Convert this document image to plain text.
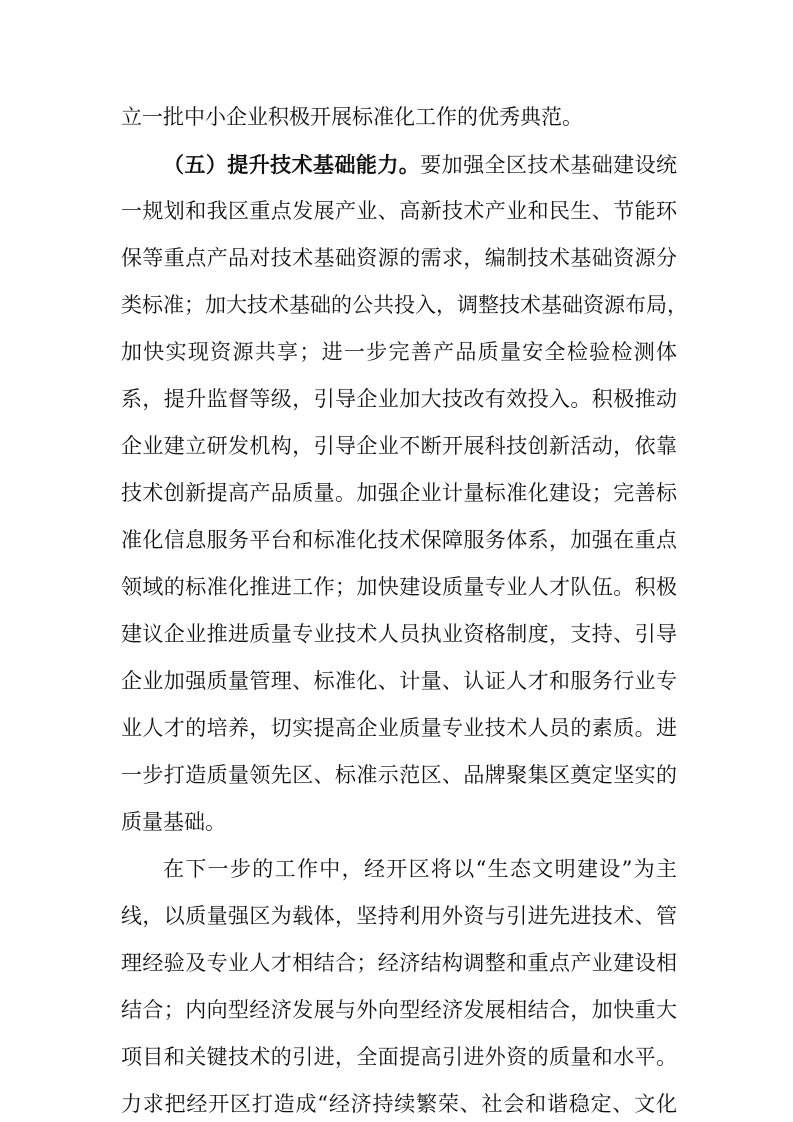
立一批中小企业积极开展标准化工作的优秀典范。
（五）提升技术基础能力。要加强全区技术基础建设统
一规划和我区重点发展产业、高新技术产业和民生、节能环
保等重点产品对技术基础资源的需求，编制技术基础资源分
类标准；加大技术基础的公共投入，调整技术基础资源布局，
加快实现资源共享；进一步完善产品质量安全检验检测体
系，提升监督等级，引导企业加大技改有效投入。积极推动
企业建立研发机构，引导企业不断开展科技创新活动，依靠
技术创新提高产品质量。加强企业计量标准化建设；完善标
准化信息服务平台和标准化技术保障服务体系，加强在重点
领域的标准化推进工作；加快建设质量专业人才队伍。积极
建议企业推进质量专业技术人员执业资格制度，支持、引导
企业加强质量管理、标准化、计量、认证人才和服务行业专
业人才的培养，切实提高企业质量专业技术人员的素质。进
一步打造质量领先区、标准示范区、品牌聚集区奠定坚实的
质量基础。
在下一步的工作中，经开区将以“生态文明建设”为主
线，以质量强区为载体，坚持利用外资与引进先进技术、管
理经验及专业人才相结合；经济结构调整和重点产业建设相
结合；内向型经济发展与外向型经济发展相结合，加快重大
项目和关键技术的引进，全面提高引进外资的质量和水平。
力求把经开区打造成“经济持续繁荣、社会和谐稳定、文化
